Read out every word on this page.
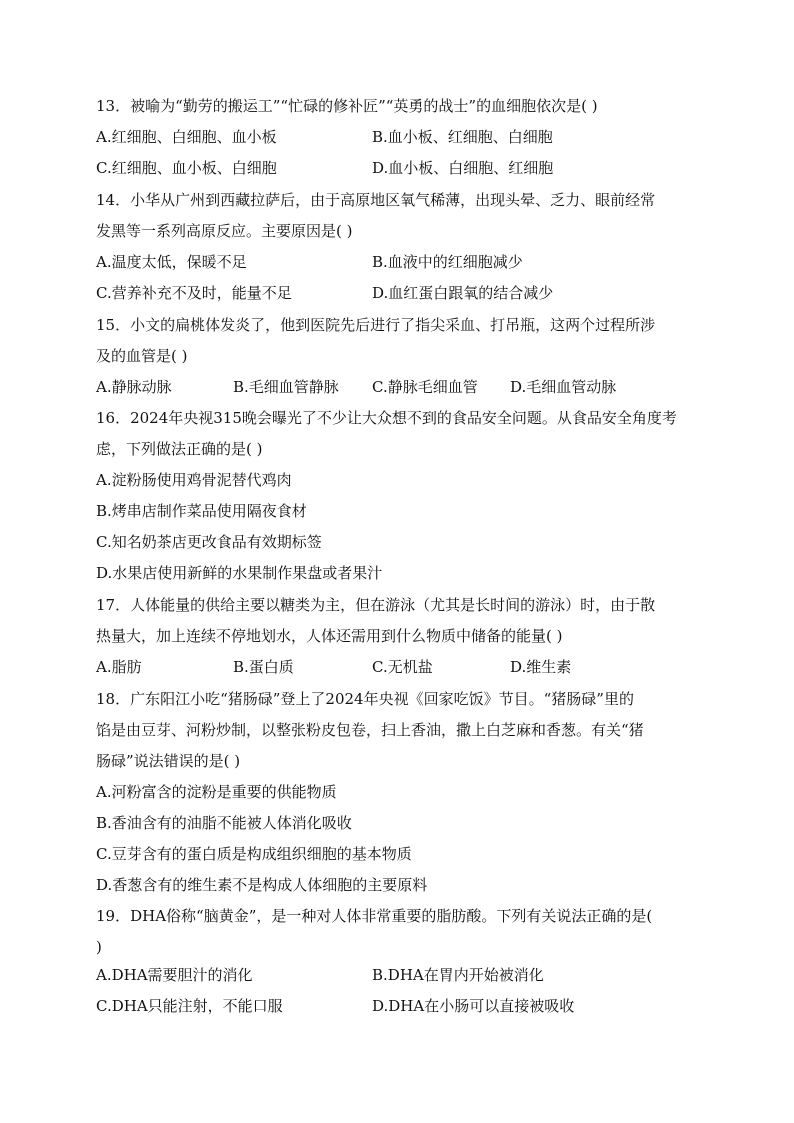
13．被喻为“勤劳的搬运工”“忙碌的修补匠”“英勇的战士”的血细胞依次是( )
A.红细胞、白细胞、血小板	B.血小板、红细胞、白细胞
C.红细胞、血小板、白细胞	D.血小板、白细胞、红细胞
14．小华从广州到西藏拉萨后，由于高原地区氧气稀薄，出现头晕、乏力、眼前经常
发黑等一系列高原反应。主要原因是( )
A.温度太低，保暖不足	B.血液中的红细胞减少
C.营养补充不及时，能量不足	D.血红蛋白跟氧的结合减少
15．小文的扁桃体发炎了，他到医院先后进行了指尖采血、打吊瓶，这两个过程所涉
及的血管是( )
A.静脉动脉	B.毛细血管静脉 C.静脉毛细血管 D.毛细血管动脉
16．2024年央视315晚会曝光了不少让大众想不到的食品安全问题。从食品安全角度考
虑，下列做法正确的是( )
A.淀粉肠使用鸡骨泥替代鸡肉
B.烤串店制作菜品使用隔夜食材
C.知名奶茶店更改食品有效期标签
D.水果店使用新鲜的水果制作果盘或者果汁
17．人体能量的供给主要以糖类为主，但在游泳（尤其是长时间的游泳）时，由于散
热量大，加上连续不停地划水，人体还需用到什么物质中储备的能量( )
A.脂肪	B.蛋白质	C.无机盐	D.维生素
18．广东阳江小吃“猪肠碌”登上了2024年央视《回家吃饭》节目。“猪肠碌”里的
馅是由豆芽、河粉炒制，以整张粉皮包卷，扫上香油，撒上白芝麻和香葱。有关“猪
肠碌”说法错误的是( )
A.河粉富含的淀粉是重要的供能物质
B.香油含有的油脂不能被人体消化吸收
C.豆芽含有的蛋白质是构成组织细胞的基本物质
D.香葱含有的维生素不是构成人体细胞的主要原料
19．DHA俗称“脑黄金”，是一种对人体非常重要的脂肪酸。下列有关说法正确的是(
)
A.DHA需要胆汁的消化	B.DHA在胃内开始被消化
C.DHA只能注射，不能口服	D.DHA在小肠可以直接被吸收
